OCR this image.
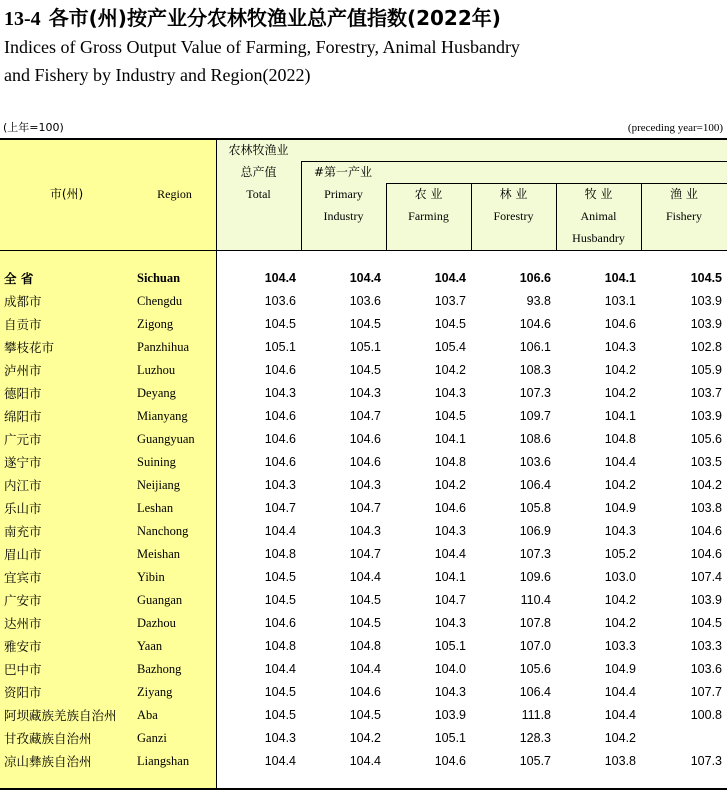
13-4 各市(州)按产业分农林牧渔业总产值指数(2022年)
Indices of Gross Output Value of Farming, Forestry, Animal Husbandry
and Fishery by Industry and Region(2022)
(上年=100)	(preceding year=100)
市(州)	Region
农林牧渔业
总产值
Total
#第一产业
Primary
Industry
农 业
Farming
林 业
Forestry
牧 业
Animal
Husbandry
渔 业
Fishery
全 省	Sichuan	104.4	104.4	104.4	106.6	104.1	104.5
成都市	Chengdu	103.6	103.6	103.7	93.8	103.1	103.9
自贡市	Zigong	104.5	104.5	104.5	104.6	104.6	103.9
攀枝花市	Panzhihua	105.1	105.1	105.4	106.1	104.3	102.8
泸州市	Luzhou	104.6	104.5	104.2	108.3	104.2	105.9
德阳市	Deyang	104.3	104.3	104.3	107.3	104.2	103.7
绵阳市	Mianyang	104.6	104.7	104.5	109.7	104.1	103.9
广元市	Guangyuan	104.6	104.6	104.1	108.6	104.8	105.6
遂宁市	Suining	104.6	104.6	104.8	103.6	104.4	103.5
内江市	Neijiang	104.3	104.3	104.2	106.4	104.2	104.2
乐山市	Leshan	104.7	104.7	104.6	105.8	104.9	103.8
南充市	Nanchong	104.4	104.3	104.3	106.9	104.3	104.6
眉山市	Meishan	104.8	104.7	104.4	107.3	105.2	104.6
宜宾市	Yibin	104.5	104.4	104.1	109.6	103.0	107.4
广安市	Guangan	104.5	104.5	104.7	110.4	104.2	103.9
达州市	Dazhou	104.6	104.5	104.3	107.8	104.2	104.5
雅安市	Yaan	104.8	104.8	105.1	107.0	103.3	103.3
巴中市	Bazhong	104.4	104.4	104.0	105.6	104.9	103.6
资阳市	Ziyang	104.5	104.6	104.3	106.4	104.4	107.7
阿坝藏族羌族自治州	Aba	104.5	104.5	103.9	111.8	104.4	100.8
甘孜藏族自治州	Ganzi	104.3	104.2	105.1	128.3	104.2
凉山彝族自治州	Liangshan	104.4	104.4	104.6	105.7	103.8	107.3
